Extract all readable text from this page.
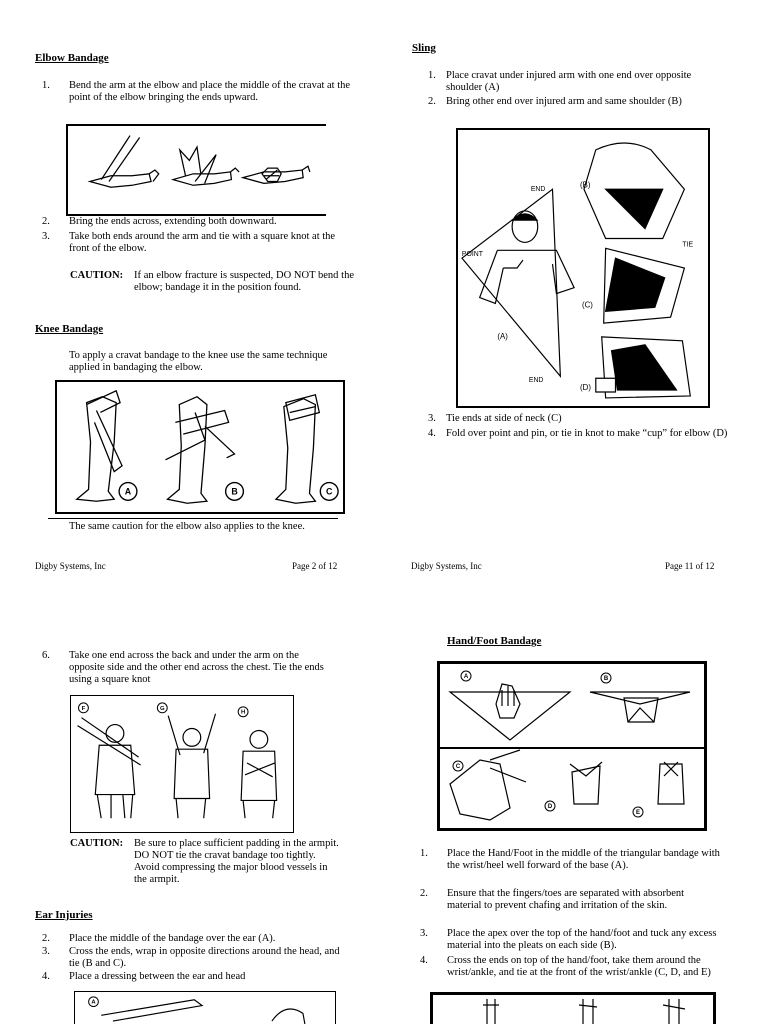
Elbow Bandage
1. Bend the arm at the elbow and place the middle of the cravat at the point of the elbow bringing the ends upward.
2. Bring the ends across, extending both downward.
3. Take both ends around the arm and tie with a square knot at the front of the elbow.
CAUTION: If an elbow fracture is suspected, DO NOT bend the elbow; bandage it in the position found.
Knee Bandage
To apply a cravat bandage to the knee use the same technique applied in bandaging the elbow.
A	B	C
The same caution for the elbow also applies to the knee.
Digby Systems, Inc	Page 2 of 12
Sling
1. Place cravat under injured arm with one end over opposite shoulder (A)
2. Bring other end over injured arm and same shoulder (B)
END
POINT
(A)
END
(B)
TIE
(C)
(D)
3. Tie ends at side of neck (C)
4. Fold over point and pin, or tie in knot to make “cup” for elbow (D)
Digby Systems, Inc	Page 11 of 12
6. Take one end across the back and under the arm on the opposite side and the other end across the chest. Tie the ends using a square knot
F	G
H
CAUTION: Be sure to place sufficient padding in the armpit. DO NOT tie the cravat bandage too tightly. Avoid compressing the major blood vessels in the armpit.
Ear Injuries
2. Place the middle of the bandage over the ear (A).
3. Cross the ends, wrap in opposite directions around the head, and tie (B and C).
4. Place a dressing between the ear and head
A
Hand/Foot Bandage
A	B
C
D
E
1. Place the Hand/Foot in the middle of the triangular bandage with the wrist/heel well forward of the base (A).
2. Ensure that the fingers/toes are separated with absorbent material to prevent chafing and irritation of the skin.
3. Place the apex over the top of the hand/foot and tuck any excess material into the pleats on each side (B).
4. Cross the ends on top of the hand/foot, take them around the wrist/ankle, and tie at the front of the wrist/ankle (C, D, and E)
